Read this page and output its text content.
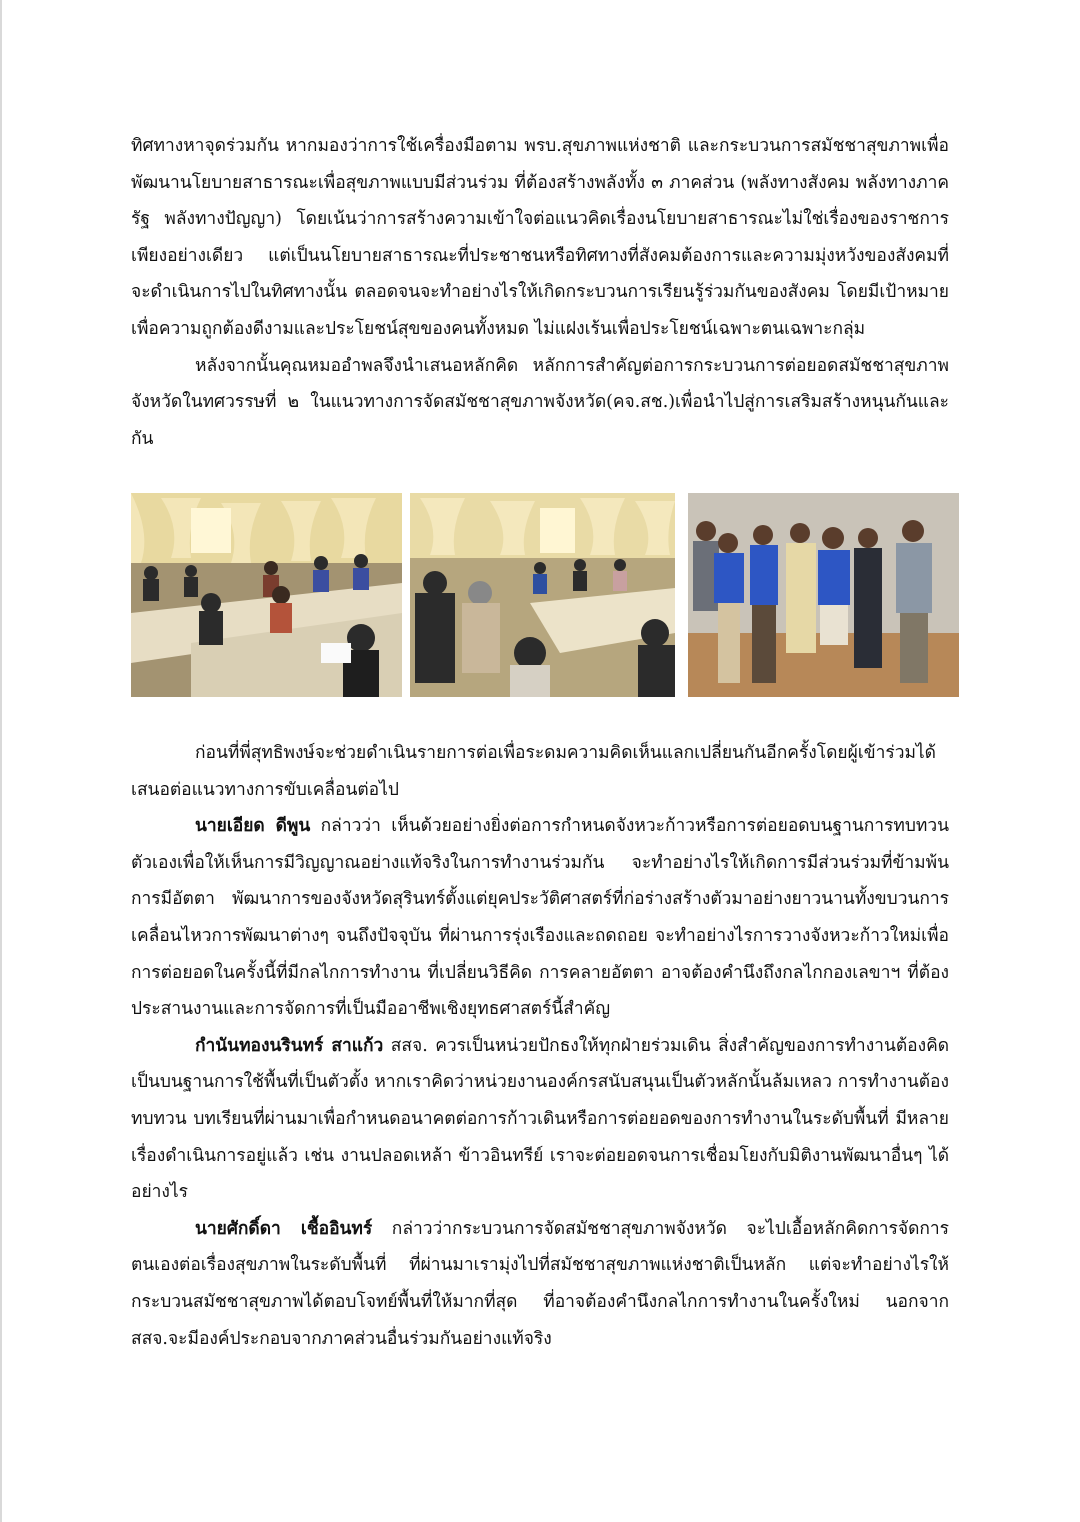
ทิศทางหาจุดร่วมกัน หากมองว่าการใช้เครื่องมือตาม พรบ.สุขภาพแห่งชาติ และกระบวนการสมัชชาสุขภาพเพื่อพัฒนานโยบายสาธารณะเพื่อสุขภาพแบบมีส่วนร่วม ที่ต้องสร้างพลังทั้ง ๓ ภาคส่วน (พลังทางสังคม พลังทางภาครัฐ พลังทางปัญญา) โดยเน้นว่าการสร้างความเข้าใจต่อแนวคิดเรื่องนโยบายสาธารณะไม่ใช่เรื่องของราชการเพียงอย่างเดียว แต่เป็นนโยบายสาธารณะที่ประชาชนหรือทิศทางที่สังคมต้องการและความมุ่งหวังของสังคมที่จะดำเนินการไปในทิศทางนั้น ตลอดจนจะทำอย่างไรให้เกิดกระบวนการเรียนรู้ร่วมกันของสังคม โดยมีเป้าหมายเพื่อความถูกต้องดีงามและประโยชน์สุขของคนทั้งหมด ไม่แฝงเร้นเพื่อประโยชน์เฉพาะตนเฉพาะกลุ่ม

หลังจากนั้นคุณหมออำพลจึงนำเสนอหลักคิด หลักการสำคัญต่อการกระบวนการต่อยอดสมัชชาสุขภาพจังหวัดในทศวรรษที่ ๒ ในแนวทางการจัดสมัชชาสุขภาพจังหวัด(คจ.สช.)เพื่อนำไปสู่การเสริมสร้างหนุนกันและกัน

ก่อนที่พี่สุทธิพงษ์จะช่วยดำเนินรายการต่อเพื่อระดมความคิดเห็นแลกเปลี่ยนกันอีกครั้งโดยผู้เข้าร่วมได้เสนอต่อแนวทางการขับเคลื่อนต่อไป

นายเอียด ดีพูน กล่าวว่า เห็นด้วยอย่างยิ่งต่อการกำหนดจังหวะก้าวหรือการต่อยอดบนฐานการทบทวนตัวเองเพื่อให้เห็นการมีวิญญาณอย่างแท้จริงในการทำงานร่วมกัน จะทำอย่างไรให้เกิดการมีส่วนร่วมที่ข้ามพ้นการมีอัตตา พัฒนาการของจังหวัดสุรินทร์ตั้งแต่ยุคประวัติศาสตร์ที่ก่อร่างสร้างตัวมาอย่างยาวนานทั้งขบวนการเคลื่อนไหวการพัฒนาต่างๆ จนถึงปัจจุบัน ที่ผ่านการรุ่งเรืองและถดถอย จะทำอย่างไรการวางจังหวะก้าวใหม่เพื่อการต่อยอดในครั้งนี้ที่มีกลไกการทำงาน ที่เปลี่ยนวิธีคิด การคลายอัตตา อาจต้องคำนึงถึงกลไกกองเลขาฯ ที่ต้องประสานงานและการจัดการที่เป็นมืออาชีพเชิงยุทธศาสตร์นี้สำคัญ

กำนันทองนรินทร์ สาแก้ว สสจ. ควรเป็นหน่วยปักธงให้ทุกฝ่ายร่วมเดิน สิ่งสำคัญของการทำงานต้องคิดเป็นบนฐานการใช้พื้นที่เป็นตัวตั้ง หากเราคิดว่าหน่วยงานองค์กรสนับสนุนเป็นตัวหลักนั้นล้มเหลว การทำงานต้องทบทวน บทเรียนที่ผ่านมาเพื่อกำหนดอนาคตต่อการก้าวเดินหรือการต่อยอดของการทำงานในระดับพื้นที่ มีหลายเรื่องดำเนินการอยู่แล้ว เช่น งานปลอดเหล้า ข้าวอินทรีย์ เราจะต่อยอดจนการเชื่อมโยงกับมิติงานพัฒนาอื่นๆ ได้อย่างไร

นายศักดิ์ดา เชื้ออินทร์ กล่าวว่ากระบวนการจัดสมัชชาสุขภาพจังหวัด จะไปเอื้อหลักคิดการจัดการตนเองต่อเรื่องสุขภาพในระดับพื้นที่ ที่ผ่านมาเรามุ่งไปที่สมัชชาสุขภาพแห่งชาติเป็นหลัก แต่จะทำอย่างไรให้กระบวนสมัชชาสุขภาพได้ตอบโจทย์พื้นที่ให้มากที่สุด ที่อาจต้องคำนึงกลไกการทำงานในครั้งใหม่ นอกจากสสจ.จะมีองค์ประกอบจากภาคส่วนอื่นร่วมกันอย่างแท้จริง
